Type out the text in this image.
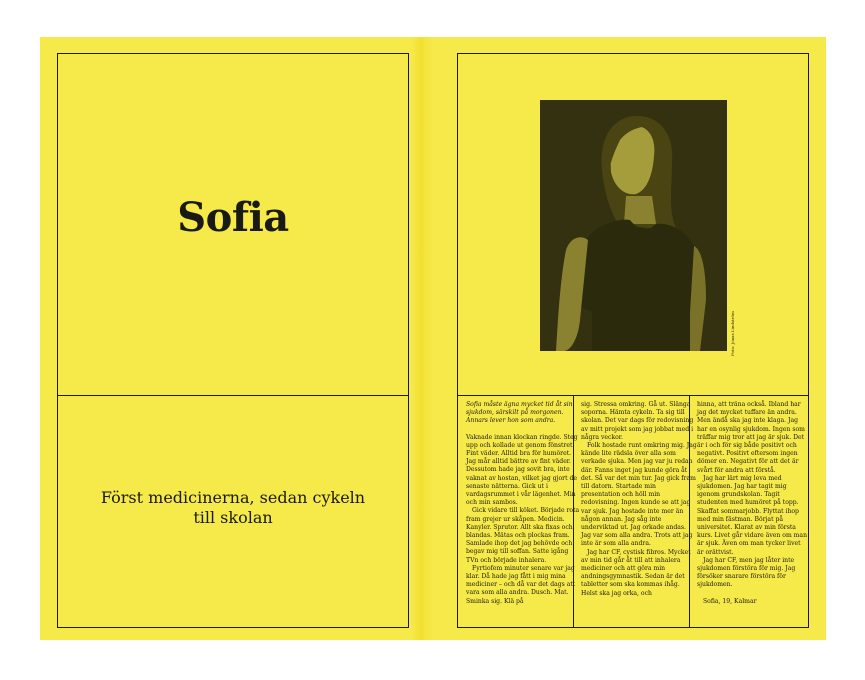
Sofia
Först medicinerna, sedan cykeln till skolan
Foto: Jonas Lindström

Sofia måste ägna mycket tid åt sin sjukdom, särskilt på morgonen. Annars lever hon som andra.

Vaknade innan klockan ringde. Steg upp och kollade ut genom fönstret. Fint väder. Alltid bra för humöret. Jag mår alltid bättre av fint väder. Dessutom hade jag sovit bra, inte vaknat av hostan, vilket jag gjort de senaste nätterna. Gick ut i vardagsrummet i vår lägenhet. Min och min sambos.

Gick vidare till köket. Började rota fram grejer ur skåpen. Medicin. Kanyler. Sprutor. Allt ska fixas och blandas. Mätas och plockas fram. Samlade ihop det jag behövde och begav mig till soffan. Satte igång TVn och började inhalera.

Fyrtiofem minuter senare var jag klar. Då hade jag fått i mig mina mediciner – och då var det dags att vara som alla andra. Dusch. Mat. Sminka sig. Klä på

sig. Stressa omkring. Gå ut. Slänga soporna. Hämta cykeln. Ta sig till skolan. Det var dags för redovisning av mitt projekt som jag jobbat med i några veckor.

Folk hostade runt omkring mig. Jag kände lite rädsla över alla som verkade sjuka. Men jag var ju redan där. Fanns inget jag kunde göra åt det. Så var det min tur. Jag gick fram till datorn. Startade min presentation och höll min redovisning. Ingen kunde se att jag var sjuk. Jag hostade inte mer än någon annan. Jag såg inte underviktad ut. Jag orkade andas. Jag var som alla andra. Trots att jag inte är som alla andra.

Jag har CF, cystisk fibros. Mycket av min tid går åt till att inhalera mediciner och att göra min andningsgymnastik. Sedan är det tabletter som ska kommas ihåg. Helst ska jag orka, och

hinna, att träna också. Ibland har jag det mycket tuffare än andra. Men ändå ska jag inte klaga. Jag har en osynlig sjukdom. Ingen som träffar mig tror att jag är sjuk. Det är i och för sig både positivt och negativt. Positivt eftersom ingen dömer en. Negativt för att det är svårt för andra att förstå.

Jag har lärt mig leva med sjukdomen. Jag har tagit mig igenom grundskolan. Tagit studenten med humöret på topp. Skaffat sommarjobb. Flyttat ihop med min fästman. Börjat på universitet. Klarat av min första kurs. Livet går vidare även om man är sjuk. Även om man tycker livet är orättvist.

Jag har CF, men jag låter inte sjukdomen förstöra för mig. Jag försöker snarare förstöra för sjukdomen.

Sofia, 19, Kalmar
